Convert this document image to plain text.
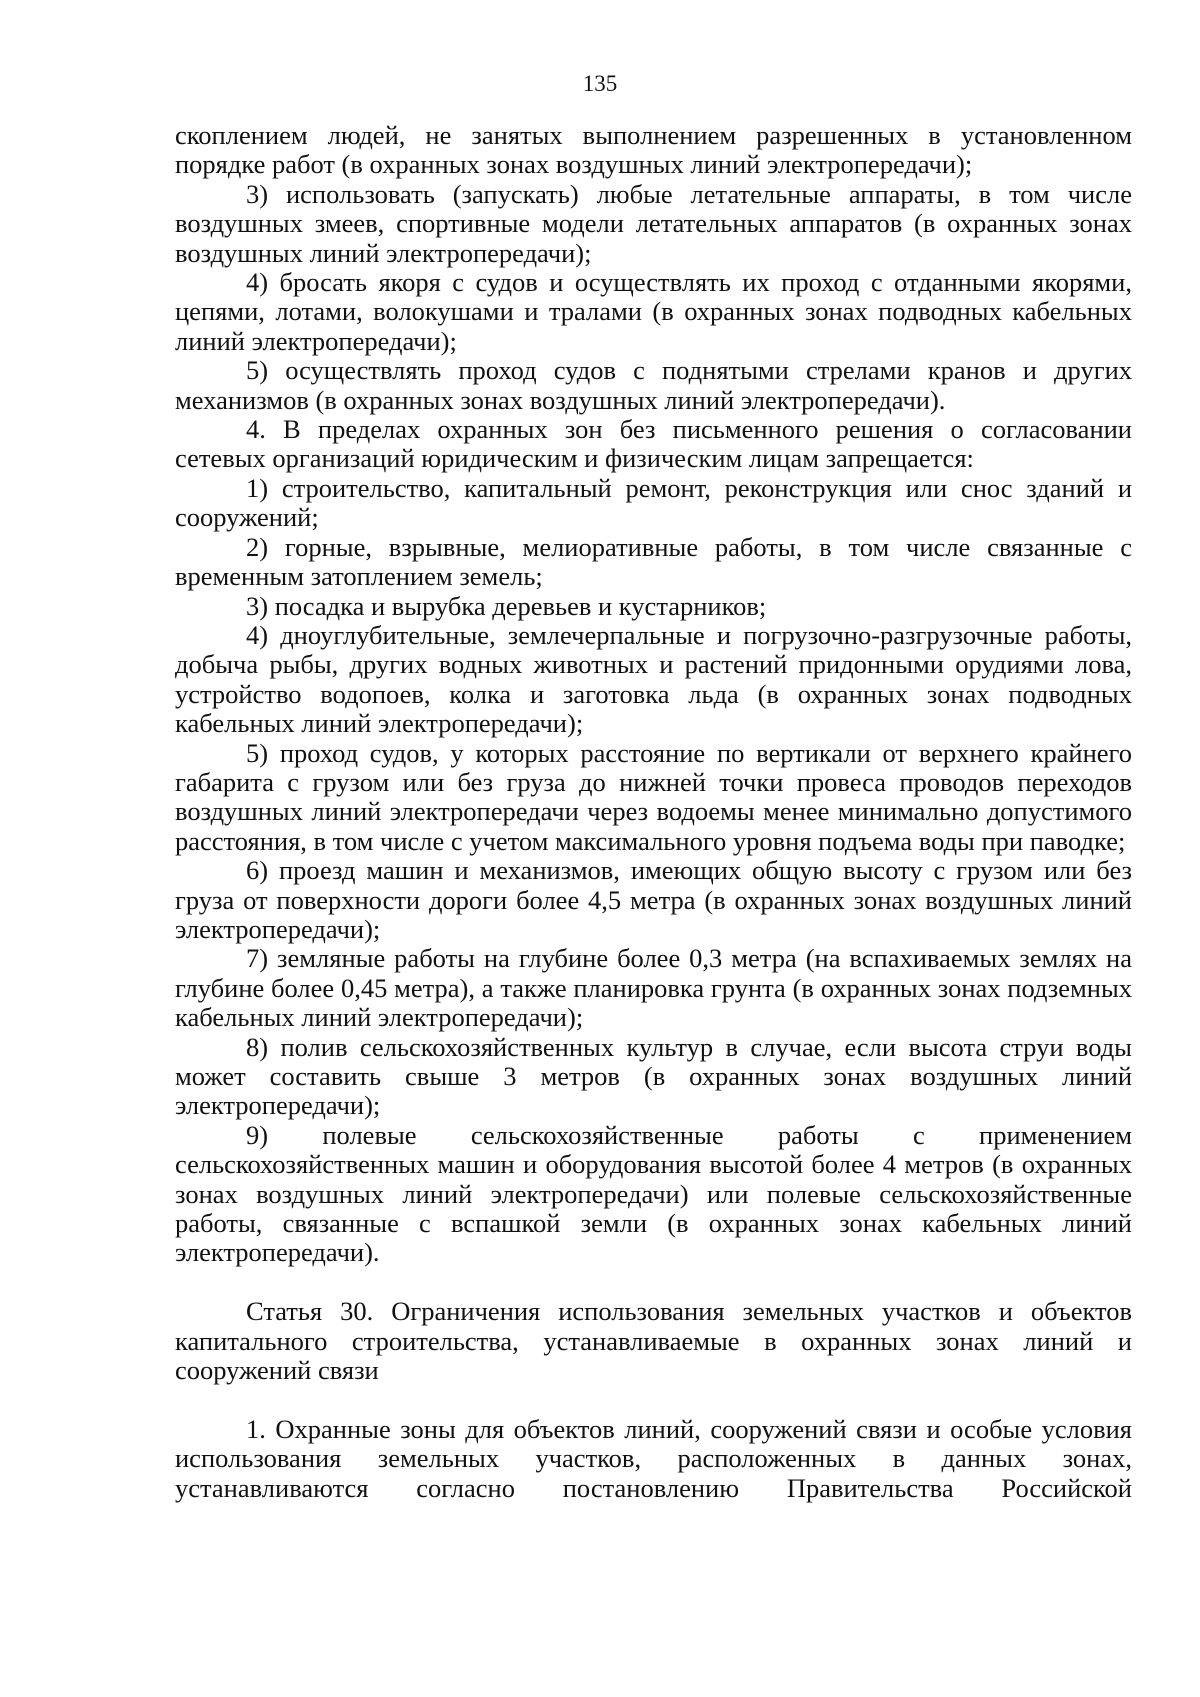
135

скоплением людей, не занятых выполнением разрешенных в установленном порядке работ (в охранных зонах воздушных линий электропередачи);

3) использовать (запускать) любые летательные аппараты, в том числе воздушных змеев, спортивные модели летательных аппаратов (в охранных зонах воздушных линий электропередачи);

4) бросать якоря с судов и осуществлять их проход с отданными якорями, цепями, лотами, волокушами и тралами (в охранных зонах подводных кабельных линий электропередачи);

5) осуществлять проход судов с поднятыми стрелами кранов и других механизмов (в охранных зонах воздушных линий электропередачи).

4. В пределах охранных зон без письменного решения о согласовании сетевых организаций юридическим и физическим лицам запрещается:

1) строительство, капитальный ремонт, реконструкция или снос зданий и сооружений;

2) горные, взрывные, мелиоративные работы, в том числе связанные с временным затоплением земель;

3) посадка и вырубка деревьев и кустарников;

4) дноуглубительные, землечерпальные и погрузочно-разгрузочные работы, добыча рыбы, других водных животных и растений придонными орудиями лова, устройство водопоев, колка и заготовка льда (в охранных зонах подводных кабельных линий электропередачи);

5) проход судов, у которых расстояние по вертикали от верхнего крайнего габарита с грузом или без груза до нижней точки провеса проводов переходов воздушных линий электропередачи через водоемы менее минимально допустимого расстояния, в том числе с учетом максимального уровня подъема воды при паводке;

6) проезд машин и механизмов, имеющих общую высоту с грузом или без груза от поверхности дороги более 4,5 метра (в охранных зонах воздушных линий электропередачи);

7) земляные работы на глубине более 0,3 метра (на вспахиваемых землях на глубине более 0,45 метра), а также планировка грунта (в охранных зонах подземных кабельных линий электропередачи);

8) полив сельскохозяйственных культур в случае, если высота струи воды может составить свыше 3 метров (в охранных зонах воздушных линий электропередачи);

9) полевые сельскохозяйственные работы с применением сельскохозяйственных машин и оборудования высотой более 4 метров (в охранных зонах воздушных линий электропередачи) или полевые сельскохозяйственные работы, связанные с вспашкой земли (в охранных зонах кабельных линий электропередачи).

Статья 30. Ограничения использования земельных участков и объектов капитального строительства, устанавливаемые в охранных зонах линий и сооружений связи

1. Охранные зоны для объектов линий, сооружений связи и особые условия использования земельных участков, расположенных в данных зонах, устанавливаются согласно постановлению Правительства Российской
